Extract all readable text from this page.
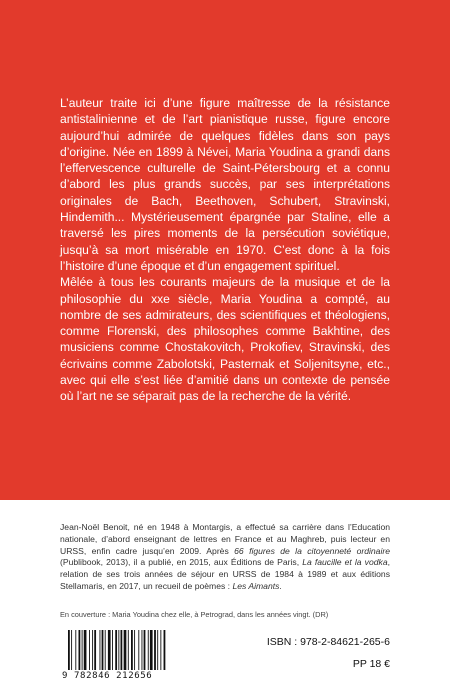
L’auteur traite ici d’une figure maîtresse de la résistance antistalinienne et de l’art pianistique russe, figure encore aujourd’hui admirée de quelques fidèles dans son pays d’origine. Née en 1899 à Névei, Maria Youdina a grandi dans l’effervescence culturelle de Saint-Pétersbourg et a connu d’abord les plus grands succès, par ses interprétations originales de Bach, Beethoven, Schubert, Stravinski, Hindemith... Mystérieusement épargnée par Staline, elle a traversé les pires moments de la persécution soviétique, jusqu’à sa mort misérable en 1970. C’est donc à la fois l’histoire d’une époque et d’un engagement spirituel.

Mêlée à tous les courants majeurs de la musique et de la philosophie du xxe siècle, Maria Youdina a compté, au nombre de ses admirateurs, des scientifiques et théologiens, comme Florenski, des philosophes comme Bakhtine, des musiciens comme Chostakovitch, Prokofiev, Stravinski, des écrivains comme Zabolotski, Pasternak et Soljenitsyne, etc., avec qui elle s’est liée d’amitié dans un contexte de pensée où l’art ne se séparait pas de la recherche de la vérité.

Jean-Noël Benoit, né en 1948 à Montargis, a effectué sa carrière dans l’Education nationale, d’abord enseignant de lettres en France et au Maghreb, puis lecteur en URSS, enfin cadre jusqu’en 2009. Après 66 figures de la citoyenneté ordinaire (Publibook, 2013), il a publié, en 2015, aux Éditions de Paris, La faucille et la vodka, relation de ses trois années de séjour en URSS de 1984 à 1989 et aux éditions Stellamaris, en 2017, un recueil de poèmes : Les Aimants.
En couverture : Maria Youdina chez elle, à Petrograd, dans les années vingt. (DR)
9 782846 212656
ISBN : 978-2-84621-265-6
PP 18 €
